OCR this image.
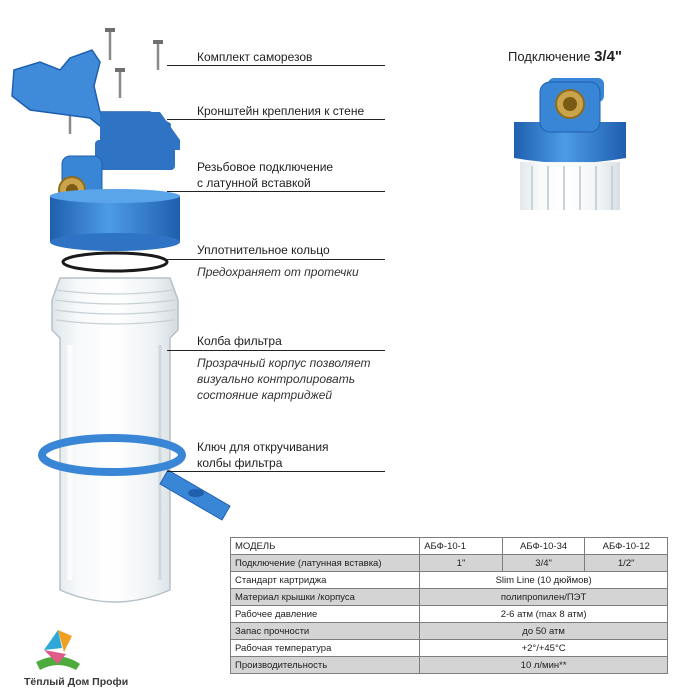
Комплект саморезов
Кронштейн крепления к стене
Резьбовое подключение
с латунной вставкой
Уплотнительное кольцо
Предохраняет от протечки
Колба фильтра
Прозрачный корпус позволяет
визуально контролировать
состояние картриджей
Ключ для откручивания
колбы фильтра
Подключение 3/4"
МОДЕЛЬ	АБФ-10-1	АБФ-10-34	АБФ-10-12
Подключение (латунная вставка)	1"	3/4"	1/2"
Стандарт картриджа	Slim Line (10 дюймов)		
Материал крышки /корпуса	полипропилен/ПЭТ		
Рабочее давление	2-6 атм (max 8 атм)		
Запас прочности	до 50 атм		
Рабочая температура	+2°/+45°C		
Производительность	10 л/мин**		
Тёплый Дом Профи
